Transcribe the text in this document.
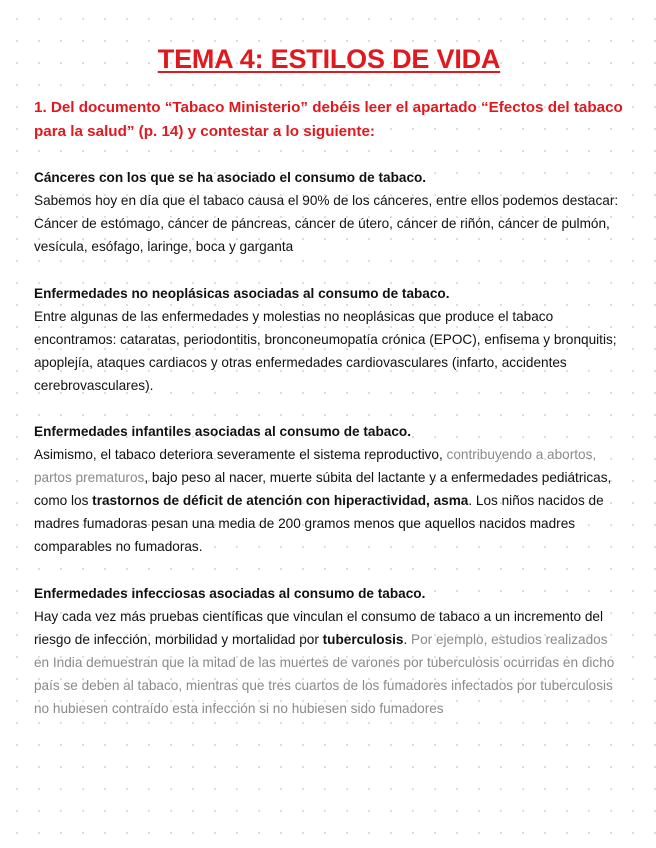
TEMA 4: ESTILOS DE VIDA
1. Del documento “Tabaco Ministerio” debéis leer el apartado “Efectos del tabaco para la salud” (p. 14) y contestar a lo siguiente:
Cánceres con los que se ha asociado el consumo de tabaco.

Sabemos hoy en día que el tabaco causa el 90% de los cánceres, entre ellos podemos destacar: Cáncer de estómago, cáncer de páncreas, cáncer de útero, cáncer de riñón, cáncer de pulmón, vesícula, esófago, laringe, boca y garganta

Enfermedades no neoplásicas asociadas al consumo de tabaco.

Entre algunas de las enfermedades y molestias no neoplásicas que produce el tabaco encontramos: cataratas, periodontitis, bronconeumopatía crónica (EPOC), enfisema y bronquitis; apoplejía, ataques cardiacos y otras enfermedades cardiovasculares (infarto, accidentes cerebrovasculares).

Enfermedades infantiles asociadas al consumo de tabaco.

Asimismo, el tabaco deteriora severamente el sistema reproductivo, contribuyendo a abortos, partos prematuros, bajo peso al nacer, muerte súbita del lactante y a enfermedades pediátricas, como los trastornos de déficit de atención con hiperactividad, asma. Los niños nacidos de madres fumadoras pesan una media de 200 gramos menos que aquellos nacidos madres comparables no fumadoras.

Enfermedades infecciosas asociadas al consumo de tabaco.

Hay cada vez más pruebas científicas que vinculan el consumo de tabaco a un incremento del riesgo de infección, morbilidad y mortalidad por tuberculosis. Por ejemplo, estudios realizados en India demuestran que la mitad de las muertes de varones por tuberculosis ocurridas en dicho país se deben al tabaco, mientras que tres cuartos de los fumadores infectados por tuberculosis no hubiesen contraído esta infección si no hubiesen sido fumadores
